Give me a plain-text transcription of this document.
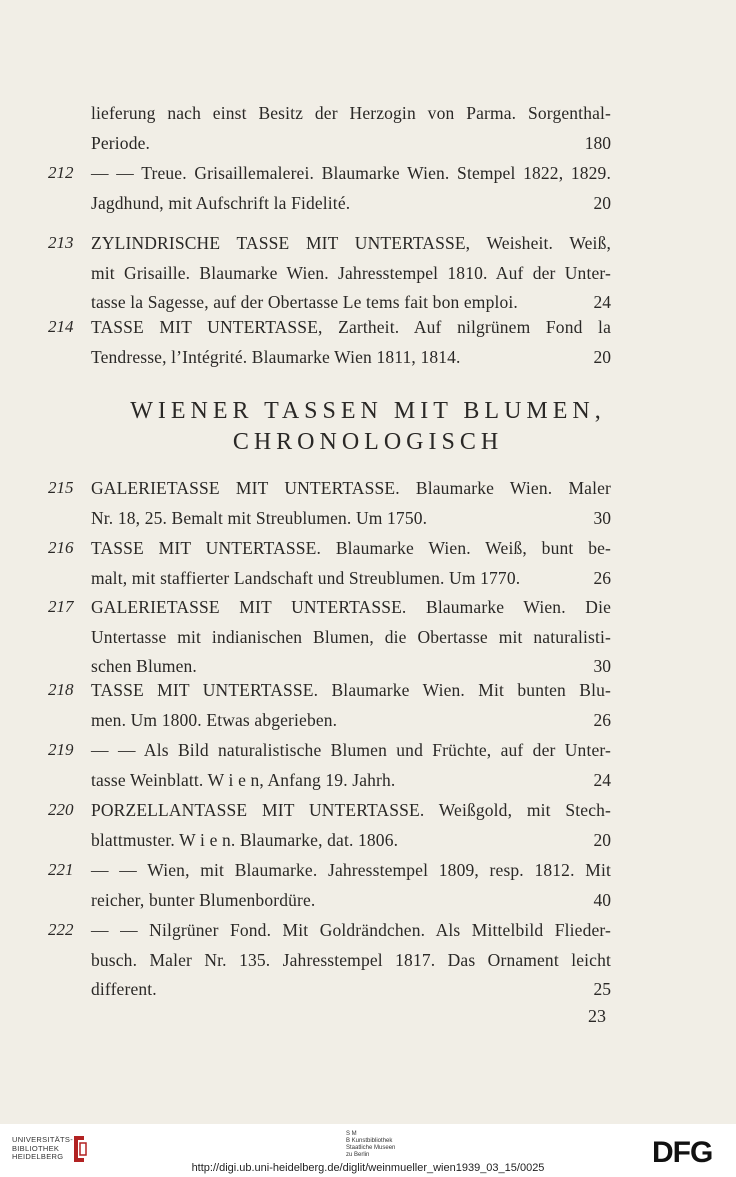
lieferung nach einst Besitz der Herzogin von Parma. Sorgenthal-
Periode.	180
212 — — Treue. Grisaillemalerei. Blaumarke Wien. Stempel 1822, 1829.
Jagdhund, mit Aufschrift la Fidelité.	20
213 ZYLINDRISCHE TASSE MIT UNTERTASSE, Weisheit. Weiß,
mit Grisaille. Blaumarke Wien. Jahresstempel 1810. Auf der Unter-
tasse la Sagesse, auf der Obertasse Le tems fait bon emploi.	24
214 TASSE MIT UNTERTASSE, Zartheit. Auf nilgrünem Fond la
Tendresse, l’Intégrité. Blaumarke Wien 1811, 1814.	20
215 GALERIETASSE MIT UNTERTASSE. Blaumarke Wien. Maler
Nr. 18, 25. Bemalt mit Streublumen. Um 1750.	30
216 TASSE MIT UNTERTASSE. Blaumarke Wien. Weiß, bunt be-
malt, mit staffierter Landschaft und Streublumen. Um 1770.	26
217 GALERIETASSE MIT UNTERTASSE. Blaumarke Wien. Die
Untertasse mit indianischen Blumen, die Obertasse mit naturalisti-
schen Blumen.	30
218 TASSE MIT UNTERTASSE. Blaumarke Wien. Mit bunten Blu-
men. Um 1800. Etwas abgerieben.	26
219 — — Als Bild naturalistische Blumen und Früchte, auf der Unter-
tasse Weinblatt. W i e n, Anfang 19. Jahrh.	24
220 PORZELLANTASSE MIT UNTERTASSE. Weißgold, mit Stech-
blattmuster. W i e n. Blaumarke, dat. 1806.	20
221 — — Wien, mit Blaumarke. Jahresstempel 1809, resp. 1812. Mit
reicher, bunter Blumenbordüre.	40
222 — — Nilgrüner Fond. Mit Goldrändchen. Als Mittelbild Flieder-
busch. Maler Nr. 135. Jahresstempel 1817. Das Ornament leicht
different.	25
WIENER TASSEN MIT BLUMEN,
CHRONOLOGISCH
23
UNIVERSITÄTS-
BIBLIOTHEK
HEIDELBERG
S M
B Kunstbibliothek
Staatliche Museen
zu Berlin	DFG
http://digi.ub.uni-heidelberg.de/diglit/weinmueller_wien1939_03_15/0025
